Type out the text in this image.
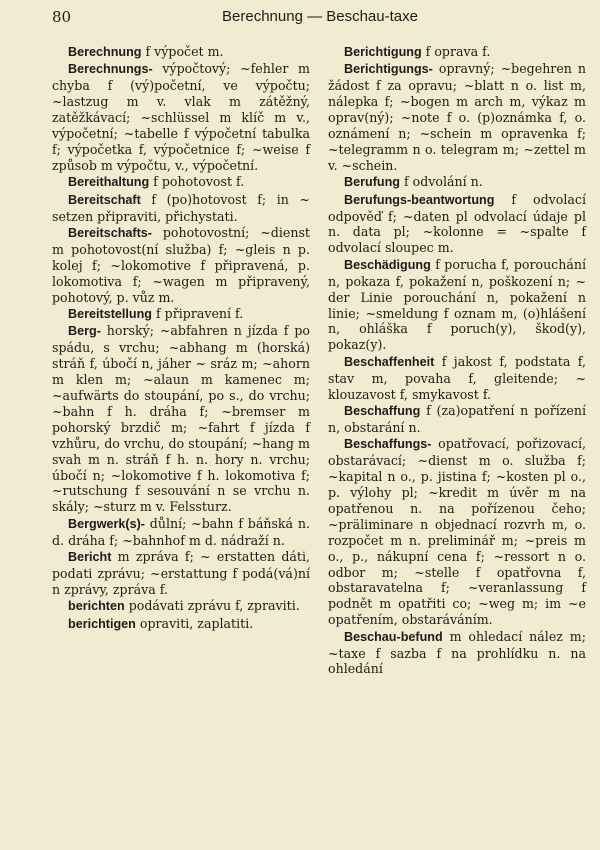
80	Berechnung — Beschau-taxe

Berechnung f výpočet m.

Berechnungs- výpočtový; ~fehler m chyba f (vý)početní, ve výpočtu; ~lastzug m v. vlak m zátěžný, zatěžkávací; ~schlüssel m klíč m v., výpočetní; ~tabelle f výpočetní tabulka f; výpočetka f, výpočetnice f; ~weise f způsob m výpočtu, v., výpočetní.

Bereithaltung f pohotovost f.

Bereitschaft f (po)hotovost f; in ~ setzen připraviti, přichystati.

Bereitschafts- pohotovostní; ~dienst m pohotovost(ní služba) f; ~gleis n p. kolej f; ~lokomotive f připravená, p. lokomotiva f; ~wagen m připravený, pohotový, p. vůz m.

Bereitstellung f připravení f.

Berg- horský; ~abfahren n jízda f po spádu, s vrchu; ~abhang m (horská) stráň f, úbočí n, jáher ~ sráz m; ~ahorn m klen m; ~alaun m kamenec m; ~aufwärts do stoupání, po s., do vrchu; ~bahn f h. dráha f; ~bremser m pohorský brzdič m; ~fahrt f jízda f vzhůru, do vrchu, do stoupání; ~hang m svah m n. stráň f h. n. hory n. vrchu; úbočí n; ~lokomotive f h. lokomotiva f; ~rutschung f sesouvání n se vrchu n. skály; ~sturz m v. Felssturz.

Bergwerk(s)- důlní; ~bahn f báňská n. d. dráha f; ~bahnhof m d. nádraží n.

Bericht m zpráva f; ~ erstatten dáti, podati zprávu; ~erstattung f podá(vá)ní n zprávy, zpráva f.

berichten podávati zprávu f, zpraviti.

berichtigen opraviti, zaplatiti.

Berichtigung f oprava f.

Berichtigungs- opravný; ~begehren n žádost f za opravu; ~blatt n o. list m, nálepka f; ~bogen m arch m, výkaz m oprav(ný); ~note f o. (p)oznámka f, o. oznámení n; ~schein m opravenka f; ~telegramm n o. telegram m; ~zettel m v. ~schein.

Berufung f odvolání n.

Berufungs-beantwortung f odvolací odpověď f; ~daten pl odvolací údaje pl n. data pl; ~kolonne = ~spalte f odvolací sloupec m.

Beschädigung f porucha f, porouchání n, pokaza f, pokažení n, poškození n; ~ der Linie porouchání n, pokažení n linie; ~smeldung f oznam m, (o)hlášení n, ohláška f poruch(y), škod(y), pokaz(y).

Beschaffenheit f jakost f, podstata f, stav m, povaha f, gleitende; ~ klouzavost f, smykavost f.

Beschaffung f (za)opatření n pořízení n, obstarání n.

Beschaffungs- opatřovací, pořizovací, obstarávací; ~dienst m o. služba f; ~kapital n o., p. jistina f; ~kosten pl o., p. výlohy pl; ~kredit m úvěr m na opatřenou n. na pořízenou čeho; ~präliminare n objednací rozvrh m, o. rozpočet m n. preliminář m; ~preis m o., p., nákupní cena f; ~ressort n o. odbor m; ~stelle f opatřovna f, obstaravatelna f; ~veranlassung f podnět m opatřiti co; ~weg m; im ~e opatřením, obstaráváním.

Beschau-befund m ohledací nález m; ~taxe f sazba f na prohlídku n. na ohledání
